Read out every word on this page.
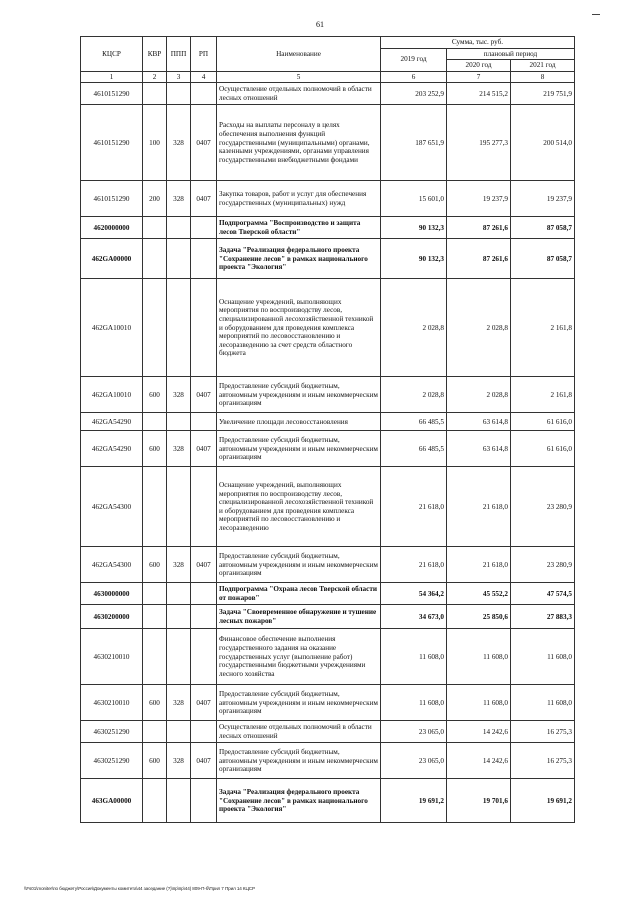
61
КЦСР	КВР	ППП	РП	Наименование	Сумма, тыс. руб.		
					2019 год	плановый период	
						2020 год	2021 год
1	2	3	4	5	6	7	8
4610151290				Осуществление отдельных полномочий в области лесных отношений	203 252,9	214 515,2	219 751,9
4610151290	100	328	0407	Расходы на выплаты персоналу в целях обеспечения выполнения функций государственными (муниципальными) органами, казенными учреждениями, органами управления государственными внебюджетными фондами	187 651,9	195 277,3	200 514,0
4610151290	200	328	0407	Закупка товаров, работ и услуг для обеспечения государственных (муниципальных) нужд	15 601,0	19 237,9	19 237,9
4620000000				Подпрограмма "Воспроизводство и защита лесов Тверской области"	90 132,3	87 261,6	87 058,7
462GA00000				Задача "Реализация федерального проекта "Сохранение лесов" в рамках национального проекта "Экология"	90 132,3	87 261,6	87 058,7
462GA10010				Оснащение учреждений, выполняющих мероприятия по воспроизводству лесов, специализированной лесохозяйственной техникой и оборудованием для проведения комплекса мероприятий по лесовосстановлению и лесоразведению за счет средств областного бюджета	2 028,8	2 028,8	2 161,8
462GA10010	600	328	0407	Предоставление субсидий бюджетным, автономным учреждениям и иным некоммерческим организациям	2 028,8	2 028,8	2 161,8
462GA54290				Увеличение площади лесовосстановления	66 485,5	63 614,8	61 616,0
462GA54290	600	328	0407	Предоставление субсидий бюджетным, автономным учреждениям и иным некоммерческим организациям	66 485,5	63 614,8	61 616,0
462GA54300				Оснащение учреждений, выполняющих мероприятия по воспроизводству лесов, специализированной лесохозяйственной техникой и оборудованием для проведения комплекса мероприятий по лесовосстановлению и лесоразведению	21 618,0	21 618,0	23 280,9
462GA54300	600	328	0407	Предоставление субсидий бюджетным, автономным учреждениям и иным некоммерческим организациям	21 618,0	21 618,0	23 280,9
4630000000				Подпрограмма "Охрана лесов Тверской области от пожаров"	54 364,2	45 552,2	47 574,5
4630200000				Задача "Своевременное обнаружение и тушение лесных пожаров"	34 673,0	25 850,6	27 883,3
4630210010				Финансовое обеспечение выполнения государственного задания на оказание государственных услуг (выполнение работ) государственными бюджетными учреждениями лесного хозяйства	11 608,0	11 608,0	11 608,0
4630210010	600	328	0407	Предоставление субсидий бюджетным, автономным учреждениям и иным некоммерческим организациям	11 608,0	11 608,0	11 608,0
4630251290				Осуществление отдельных полномочий в области лесных отношений	23 065,0	14 242,6	16 275,3
4630251290	600	328	0407	Предоставление субсидий бюджетным, автономным учреждениям и иным некоммерческим организациям	23 065,0	14 242,6	16 275,3
463GA00000				Задача "Реализация федерального проекта "Сохранение лесов" в рамках национального проекта "Экология"	19 691,2	19 701,6	19 691,2
\\Fs01\moniter\по бюджету\Россия\Документы комитета\44 заседание (?)\пр\пр\44) 809-П-б\Прил 7 Прил 14 КЦСР
